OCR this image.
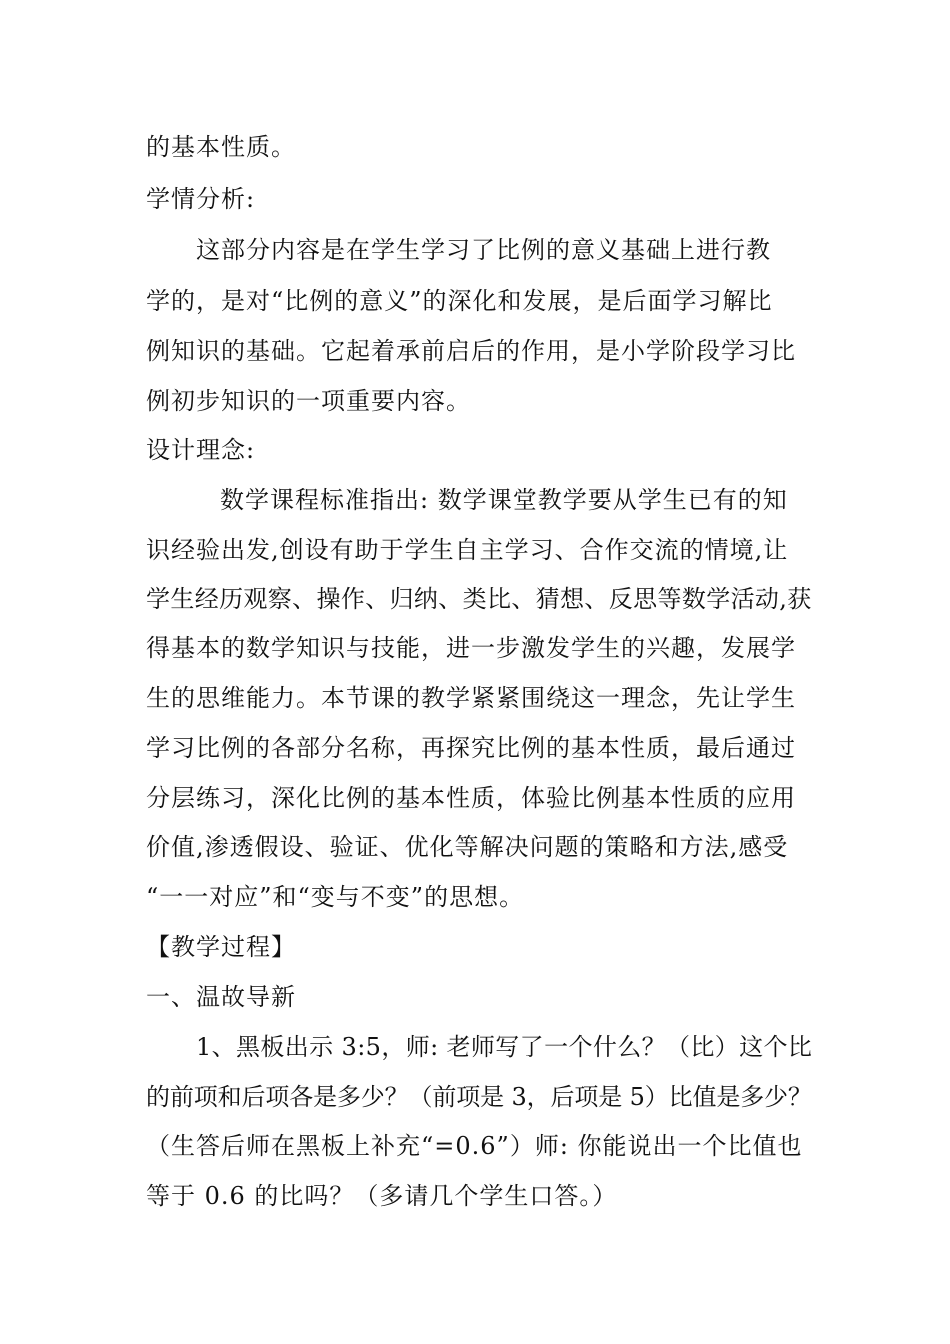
的基本性质。
学情分析:
这部分内容是在学生学习了比例的意义基础上进行教
学的，是对“比例的意义”的深化和发展，是后面学习解比
例知识的基础。它起着承前启后的作用，是小学阶段学习比
例初步知识的一项重要内容。
设计理念:
数学课程标准指出: 数学课堂教学要从学生已有的知
识经验出发,创设有助于学生自主学习、合作交流的情境,让
学生经历观察、操作、归纳、类比、猜想、反思等数学活动,获
得基本的数学知识与技能，进一步激发学生的兴趣，发展学
生的思维能力。本节课的教学紧紧围绕这一理念，先让学生
学习比例的各部分名称，再探究比例的基本性质，最后通过
分层练习，深化比例的基本性质，体验比例基本性质的应用
价值,渗透假设、验证、优化等解决问题的策略和方法,感受
“一一对应”和“变与不变”的思想。
【教学过程】
一、温故导新
1、黑板出示 3:5，师: 老师写了一个什么？（比）这个比
的前项和后项各是多少？（前项是 3，后项是 5）比值是多少？
（生答后师在黑板上补充“=0.6”）师: 你能说出一个比值也
等于 0.6 的比吗？（多请几个学生口答。）
